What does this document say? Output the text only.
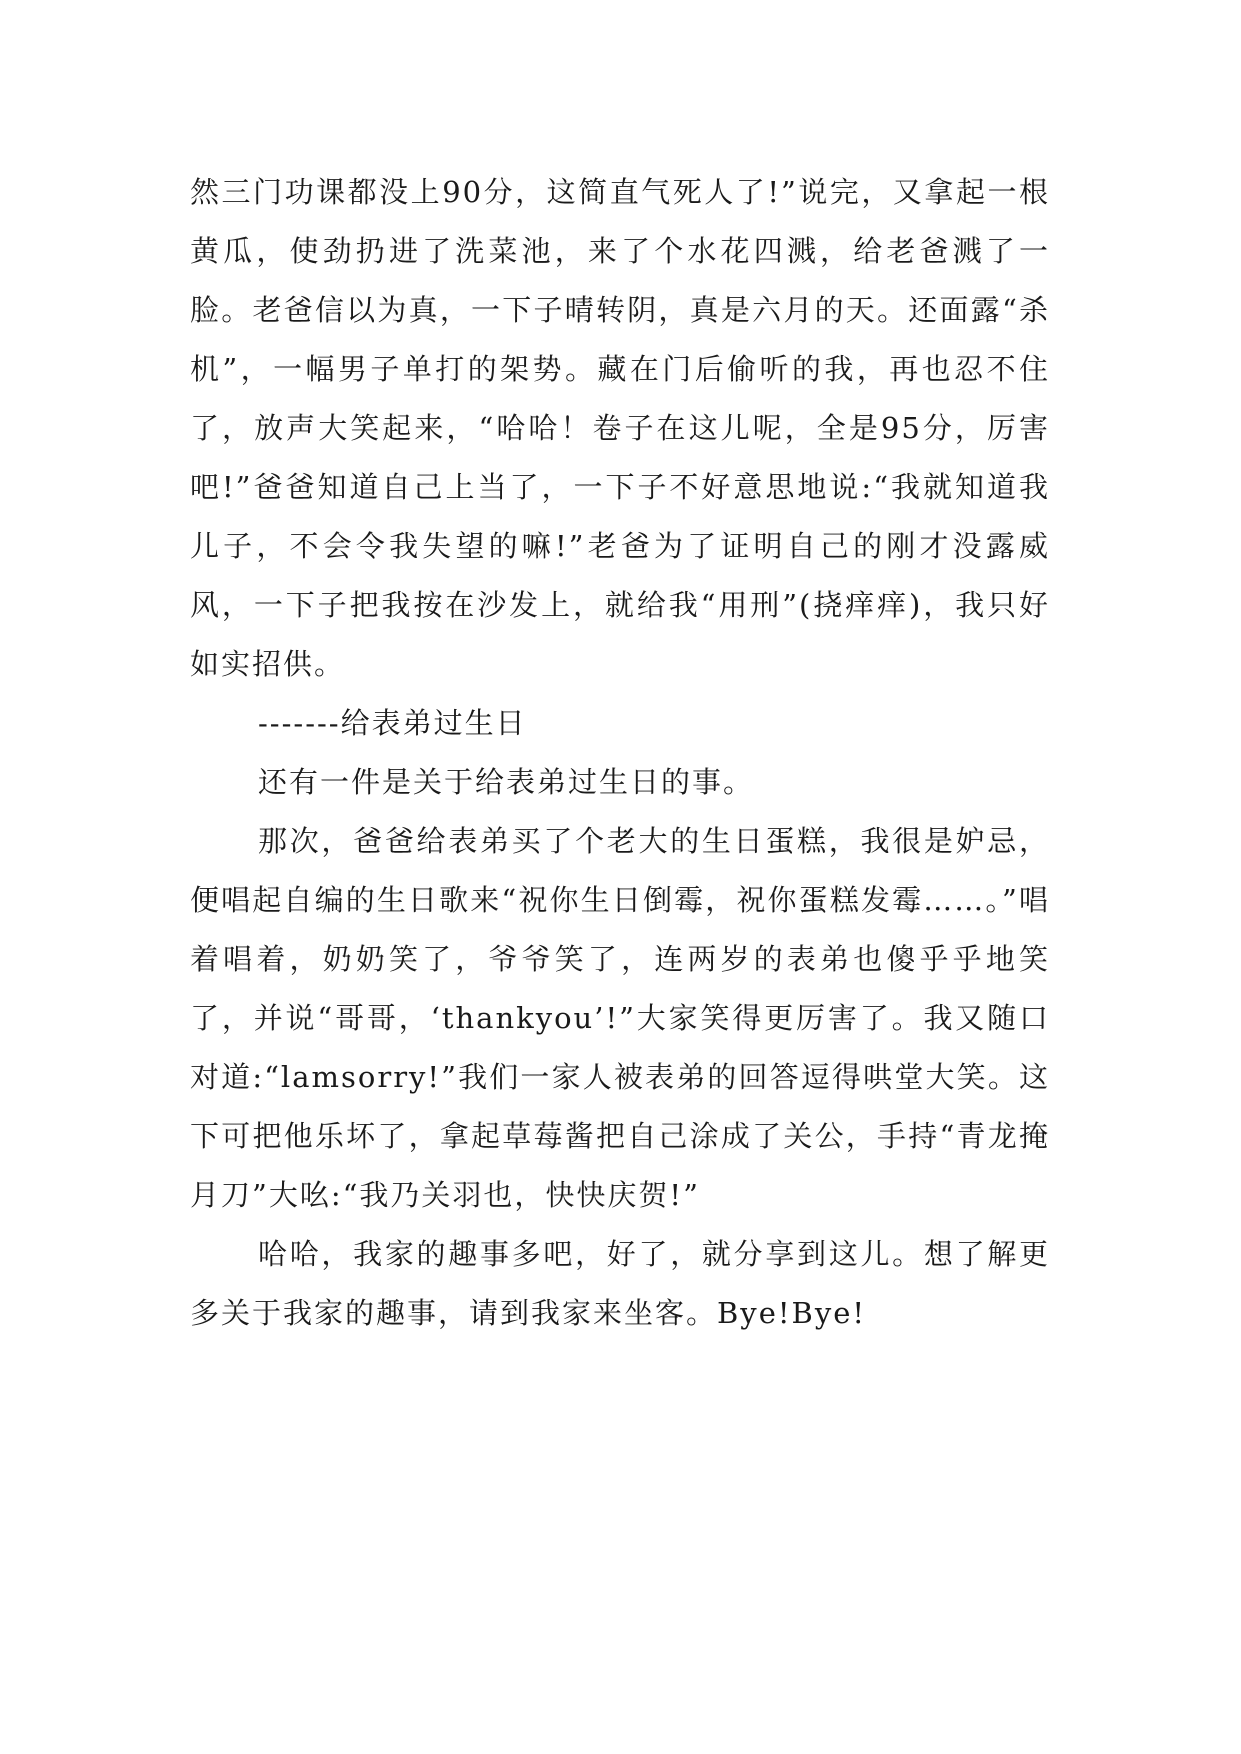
然三门功课都没上90分，这简直气死人了!”说完，又拿起一根黄瓜，使劲扔进了洗菜池，来了个水花四溅，给老爸溅了一脸。老爸信以为真，一下子晴转阴，真是六月的天。还面露“杀机”，一幅男子单打的架势。藏在门后偷听的我，再也忍不住了，放声大笑起来，“哈哈！卷子在这儿呢，全是95分，厉害吧!”爸爸知道自己上当了，一下子不好意思地说:“我就知道我儿子，不会令我失望的嘛!”老爸为了证明自己的刚才没露威风，一下子把我按在沙发上，就给我“用刑”(挠痒痒)，我只好如实招供。

-------给表弟过生日

还有一件是关于给表弟过生日的事。

那次，爸爸给表弟买了个老大的生日蛋糕，我很是妒忌，便唱起自编的生日歌来“祝你生日倒霉，祝你蛋糕发霉……。”唱着唱着，奶奶笑了，爷爷笑了，连两岁的表弟也傻乎乎地笑了，并说“哥哥，‘thankyou’!”大家笑得更厉害了。我又随口对道:“lamsorry!”我们一家人被表弟的回答逗得哄堂大笑。这下可把他乐坏了，拿起草莓酱把自己涂成了关公，手持“青龙掩月刀”大吆:“我乃关羽也，快快庆贺!”

哈哈，我家的趣事多吧，好了，就分享到这儿。想了解更多关于我家的趣事，请到我家来坐客。Bye!Bye!
